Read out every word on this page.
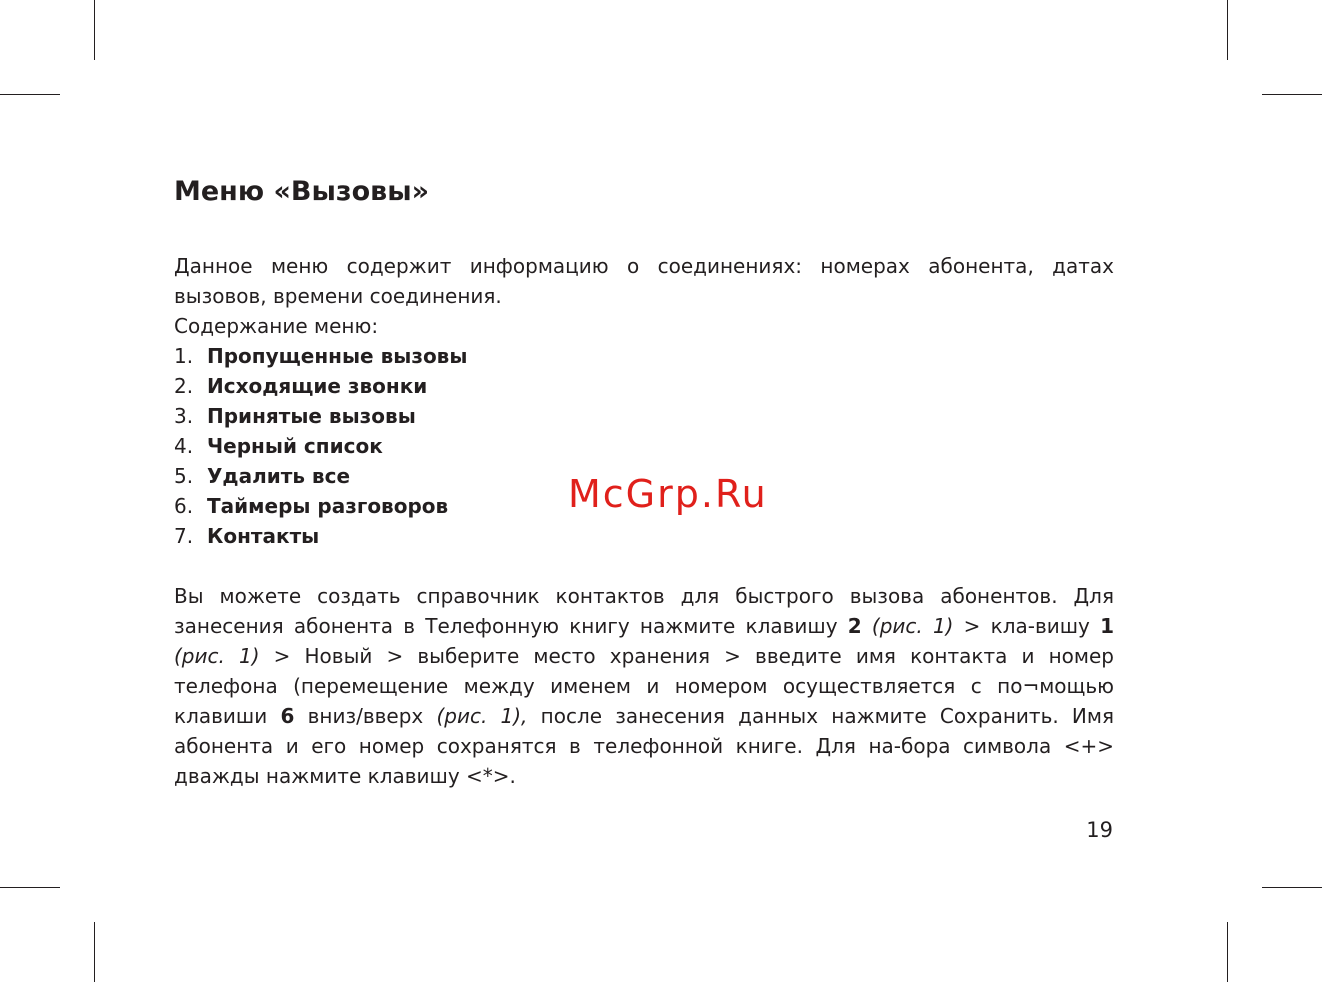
Меню «Вызовы»

Данное меню содержит информацию о соединениях: номерах абонента, датах

вызовов, времени соединения.

Содержание меню:

1. Пропущенные вызовы
2. Исходящие звонки
3. Принятые вызовы
4. Черный список
5. Удалить все
6. Таймеры разговоров
7. Контакты

Вы можете создать справочник контактов для быстрого вызова абонентов. Для занесения абонента в Телефонную книгу нажмите клавишу 2 (рис. 1) > кла-вишу 1 (рис. 1) > Новый > выберите место хранения > введите имя контакта и номер телефона (перемещение между именем и номером осуществляется с по¬мощью клавиши 6 вниз/вверх (рис. 1), после занесения данных нажмите Сохранить. Имя абонента и его номер сохранятся в телефонной книге. Для на-бора символа <+> дважды нажмите клавишу <*>.

McGrp.Ru
19
